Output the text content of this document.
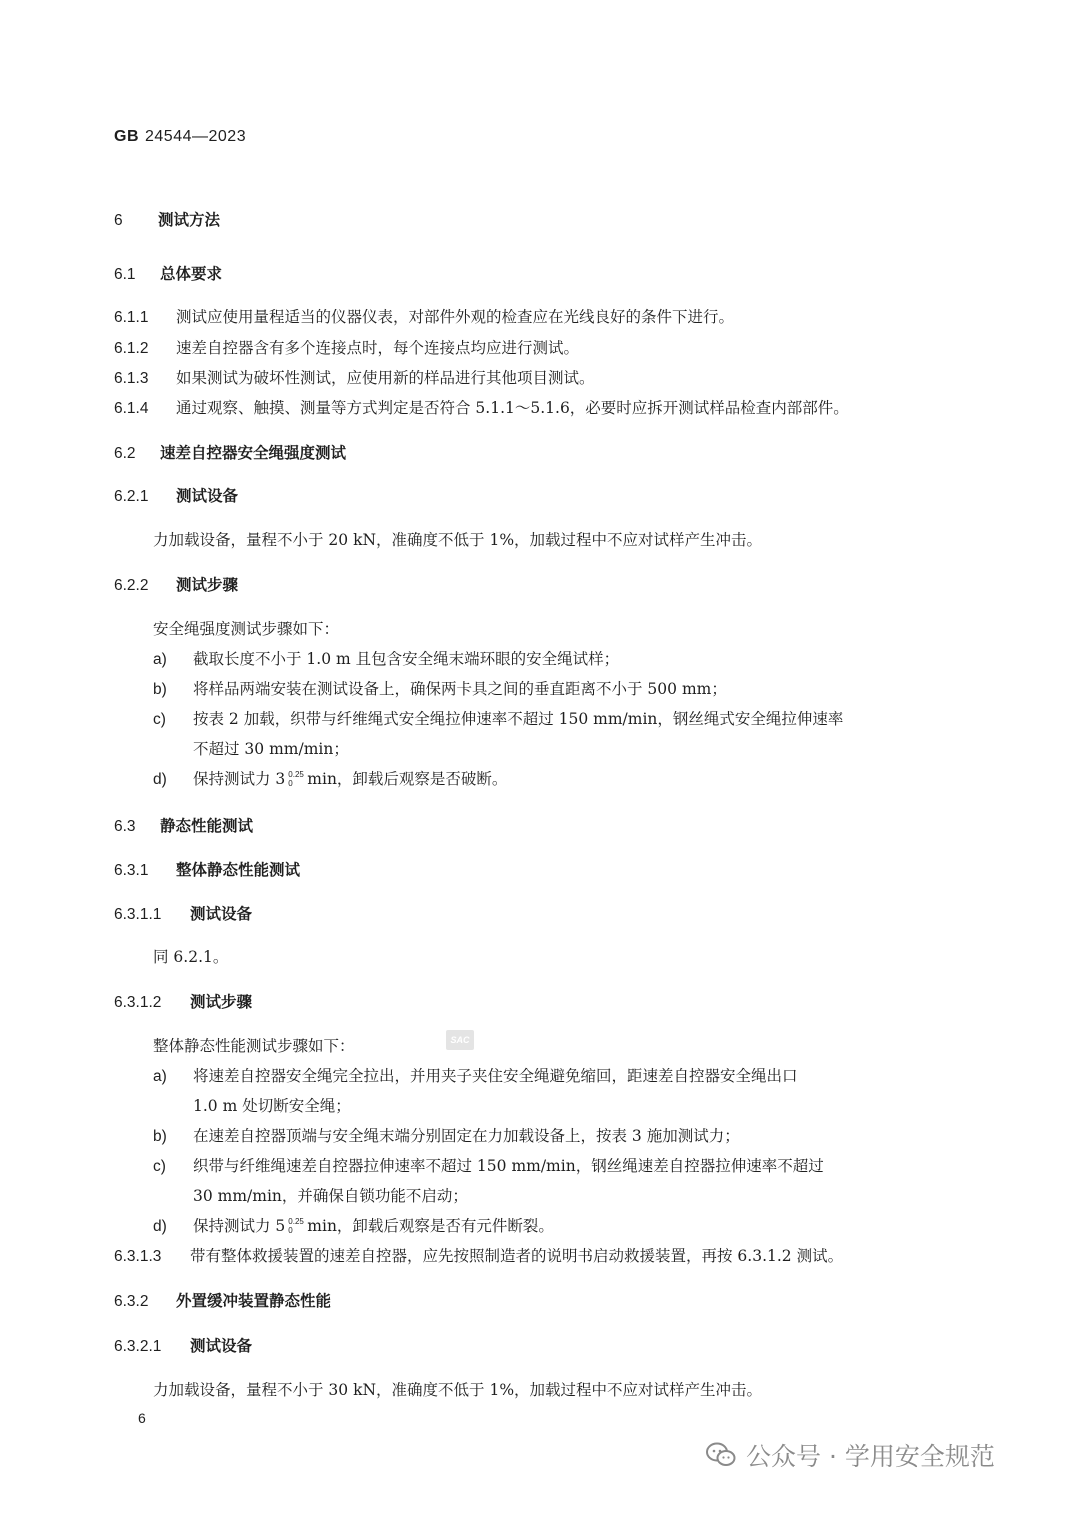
GB 24544—2023
6 测试方法
6.1 总体要求
6.1.1 测试应使用量程适当的仪器仪表，对部件外观的检查应在光线良好的条件下进行。
6.1.2 速差自控器含有多个连接点时，每个连接点均应进行测试。
6.1.3 如果测试为破坏性测试，应使用新的样品进行其他项目测试。
6.1.4 通过观察、触摸、测量等方式判定是否符合 5.1.1～5.1.6，必要时应拆开测试样品检查内部部件。
6.2 速差自控器安全绳强度测试
6.2.1 测试设备
力加载设备，量程不小于 20 kN，准确度不低于 1%，加载过程中不应对试样产生冲击。
6.2.2 测试步骤
安全绳强度测试步骤如下：
a) 截取长度不小于 1.0 m 且包含安全绳末端环眼的安全绳试样；
b) 将样品两端安装在测试设备上，确保两卡具之间的垂直距离不小于 500 mm；
c) 按表 2 加载，织带与纤维绳式安全绳拉伸速率不超过 150 mm/min，钢丝绳式安全绳拉伸速率
不超过 30 mm/min；
d) 保持测试力 3 0.25
0 min，卸载后观察是否破断。
6.3 静态性能测试
6.3.1 整体静态性能测试
6.3.1.1 测试设备
同 6.2.1。
6.3.1.2 测试步骤
整体静态性能测试步骤如下：	SAC
a) 将速差自控器安全绳完全拉出，并用夹子夹住安全绳避免缩回，距速差自控器安全绳出口
1.0 m 处切断安全绳；
b) 在速差自控器顶端与安全绳末端分别固定在力加载设备上，按表 3 施加测试力；
c) 织带与纤维绳速差自控器拉伸速率不超过 150 mm/min，钢丝绳速差自控器拉伸速率不超过
30 mm/min，并确保自锁功能不启动；
d) 保持测试力 5 0.25
0 min，卸载后观察是否有元件断裂。
6.3.1.3 带有整体救援装置的速差自控器，应先按照制造者的说明书启动救援装置，再按 6.3.1.2 测试。
6.3.2 外置缓冲装置静态性能
6.3.2.1 测试设备
力加载设备，量程不小于 30 kN，准确度不低于 1%，加载过程中不应对试样产生冲击。
6
公众号 · 学用安全规范
